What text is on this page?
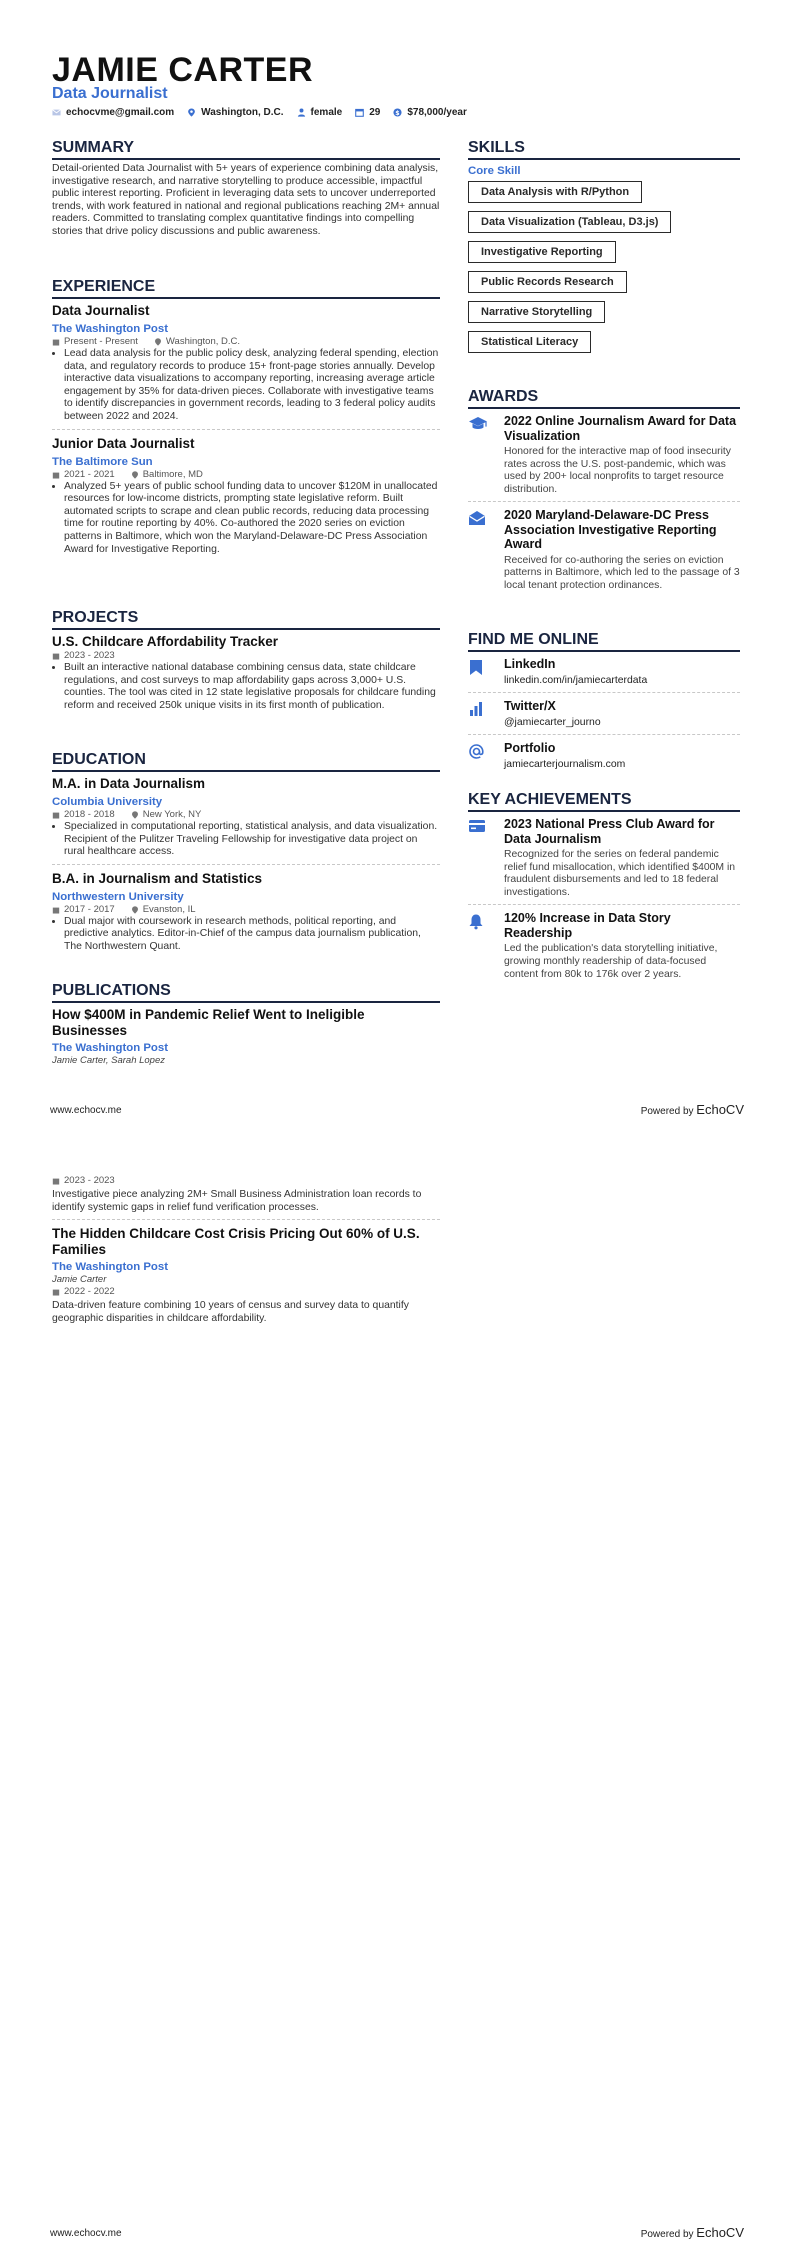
JAMIE CARTER
Data Journalist
echocvme@gmail.com	Washington, D.C.	female	29 $ $78,000/year
SUMMARY
Detail-oriented Data Journalist with 5+ years of experience combining data analysis, investigative research, and narrative storytelling to produce accessible, impactful public interest reporting. Proficient in leveraging data sets to uncover underreported trends, with work featured in national and regional publications reaching 2M+ annual readers. Committed to translating complex quantitative findings into compelling stories that drive policy discussions and public awareness.
EXPERIENCE
Data Journalist
The Washington Post
Present - Present	Washington, D.C.
• Lead data analysis for the public policy desk, analyzing federal spending, election data, and regulatory records to produce 15+ front-page stories annually. Develop interactive data visualizations to accompany reporting, increasing average article engagement by 35% for data-driven pieces. Collaborate with investigative teams to identify discrepancies in government records, leading to 3 federal policy audits between 2022 and 2024.
Junior Data Journalist
The Baltimore Sun
2021 - 2021	Baltimore, MD
• Analyzed 5+ years of public school funding data to uncover $120M in unallocated resources for low-income districts, prompting state legislative reform. Built automated scripts to scrape and clean public records, reducing data processing time for routine reporting by 40%. Co-authored the 2020 series on eviction patterns in Baltimore, which won the Maryland-Delaware-DC Press Association Award for Investigative Reporting.
PROJECTS
U.S. Childcare Affordability Tracker
2023 - 2023
• Built an interactive national database combining census data, state childcare regulations, and cost surveys to map affordability gaps across 3,000+ U.S. counties. The tool was cited in 12 state legislative proposals for childcare funding reform and received 250k unique visits in its first month of publication.
EDUCATION
M.A. in Data Journalism
Columbia University
2018 - 2018	New York, NY
• Specialized in computational reporting, statistical analysis, and data visualization. Recipient of the Pulitzer Traveling Fellowship for investigative data project on rural healthcare access.
B.A. in Journalism and Statistics
Northwestern University
2017 - 2017	Evanston, IL
• Dual major with coursework in research methods, political reporting, and predictive analytics. Editor-in-Chief of the campus data journalism publication, The Northwestern Quant.
PUBLICATIONS
How $400M in Pandemic Relief Went to Ineligible Businesses
The Washington Post
Jamie Carter, Sarah Lopez
SKILLS
Core Skill
Data Analysis with R/Python
Data Visualization (Tableau, D3.js)
Investigative Reporting
Public Records Research
Narrative Storytelling
Statistical Literacy
AWARDS
2022 Online Journalism Award for Data Visualization
Honored for the interactive map of food insecurity rates across the U.S. post-pandemic, which was used by 200+ local nonprofits to target resource distribution.
2020 Maryland-Delaware-DC Press Association Investigative Reporting Award
Received for co-authoring the series on eviction patterns in Baltimore, which led to the passage of 3 local tenant protection ordinances.
FIND ME ONLINE
LinkedIn
linkedin.com/in/jamiecarterdata
Twitter/X
@jamiecarter_journo
Portfolio
jamiecarterjournalism.com
KEY ACHIEVEMENTS
2023 National Press Club Award for Data Journalism
Recognized for the series on federal pandemic relief fund misallocation, which identified $400M in fraudulent disbursements and led to 18 federal investigations.
120% Increase in Data Story Readership
Led the publication's data storytelling initiative, growing monthly readership of data-focused content from 80k to 176k over 2 years.
www.echocv.me	Powered by EchoCV
2023 - 2023
Investigative piece analyzing 2M+ Small Business Administration loan records to identify systemic gaps in relief fund verification processes.
The Hidden Childcare Cost Crisis Pricing Out 60% of U.S. Families
The Washington Post
Jamie Carter
2022 - 2022
Data-driven feature combining 10 years of census and survey data to quantify geographic disparities in childcare affordability.
www.echocv.me	Powered by EchoCV
